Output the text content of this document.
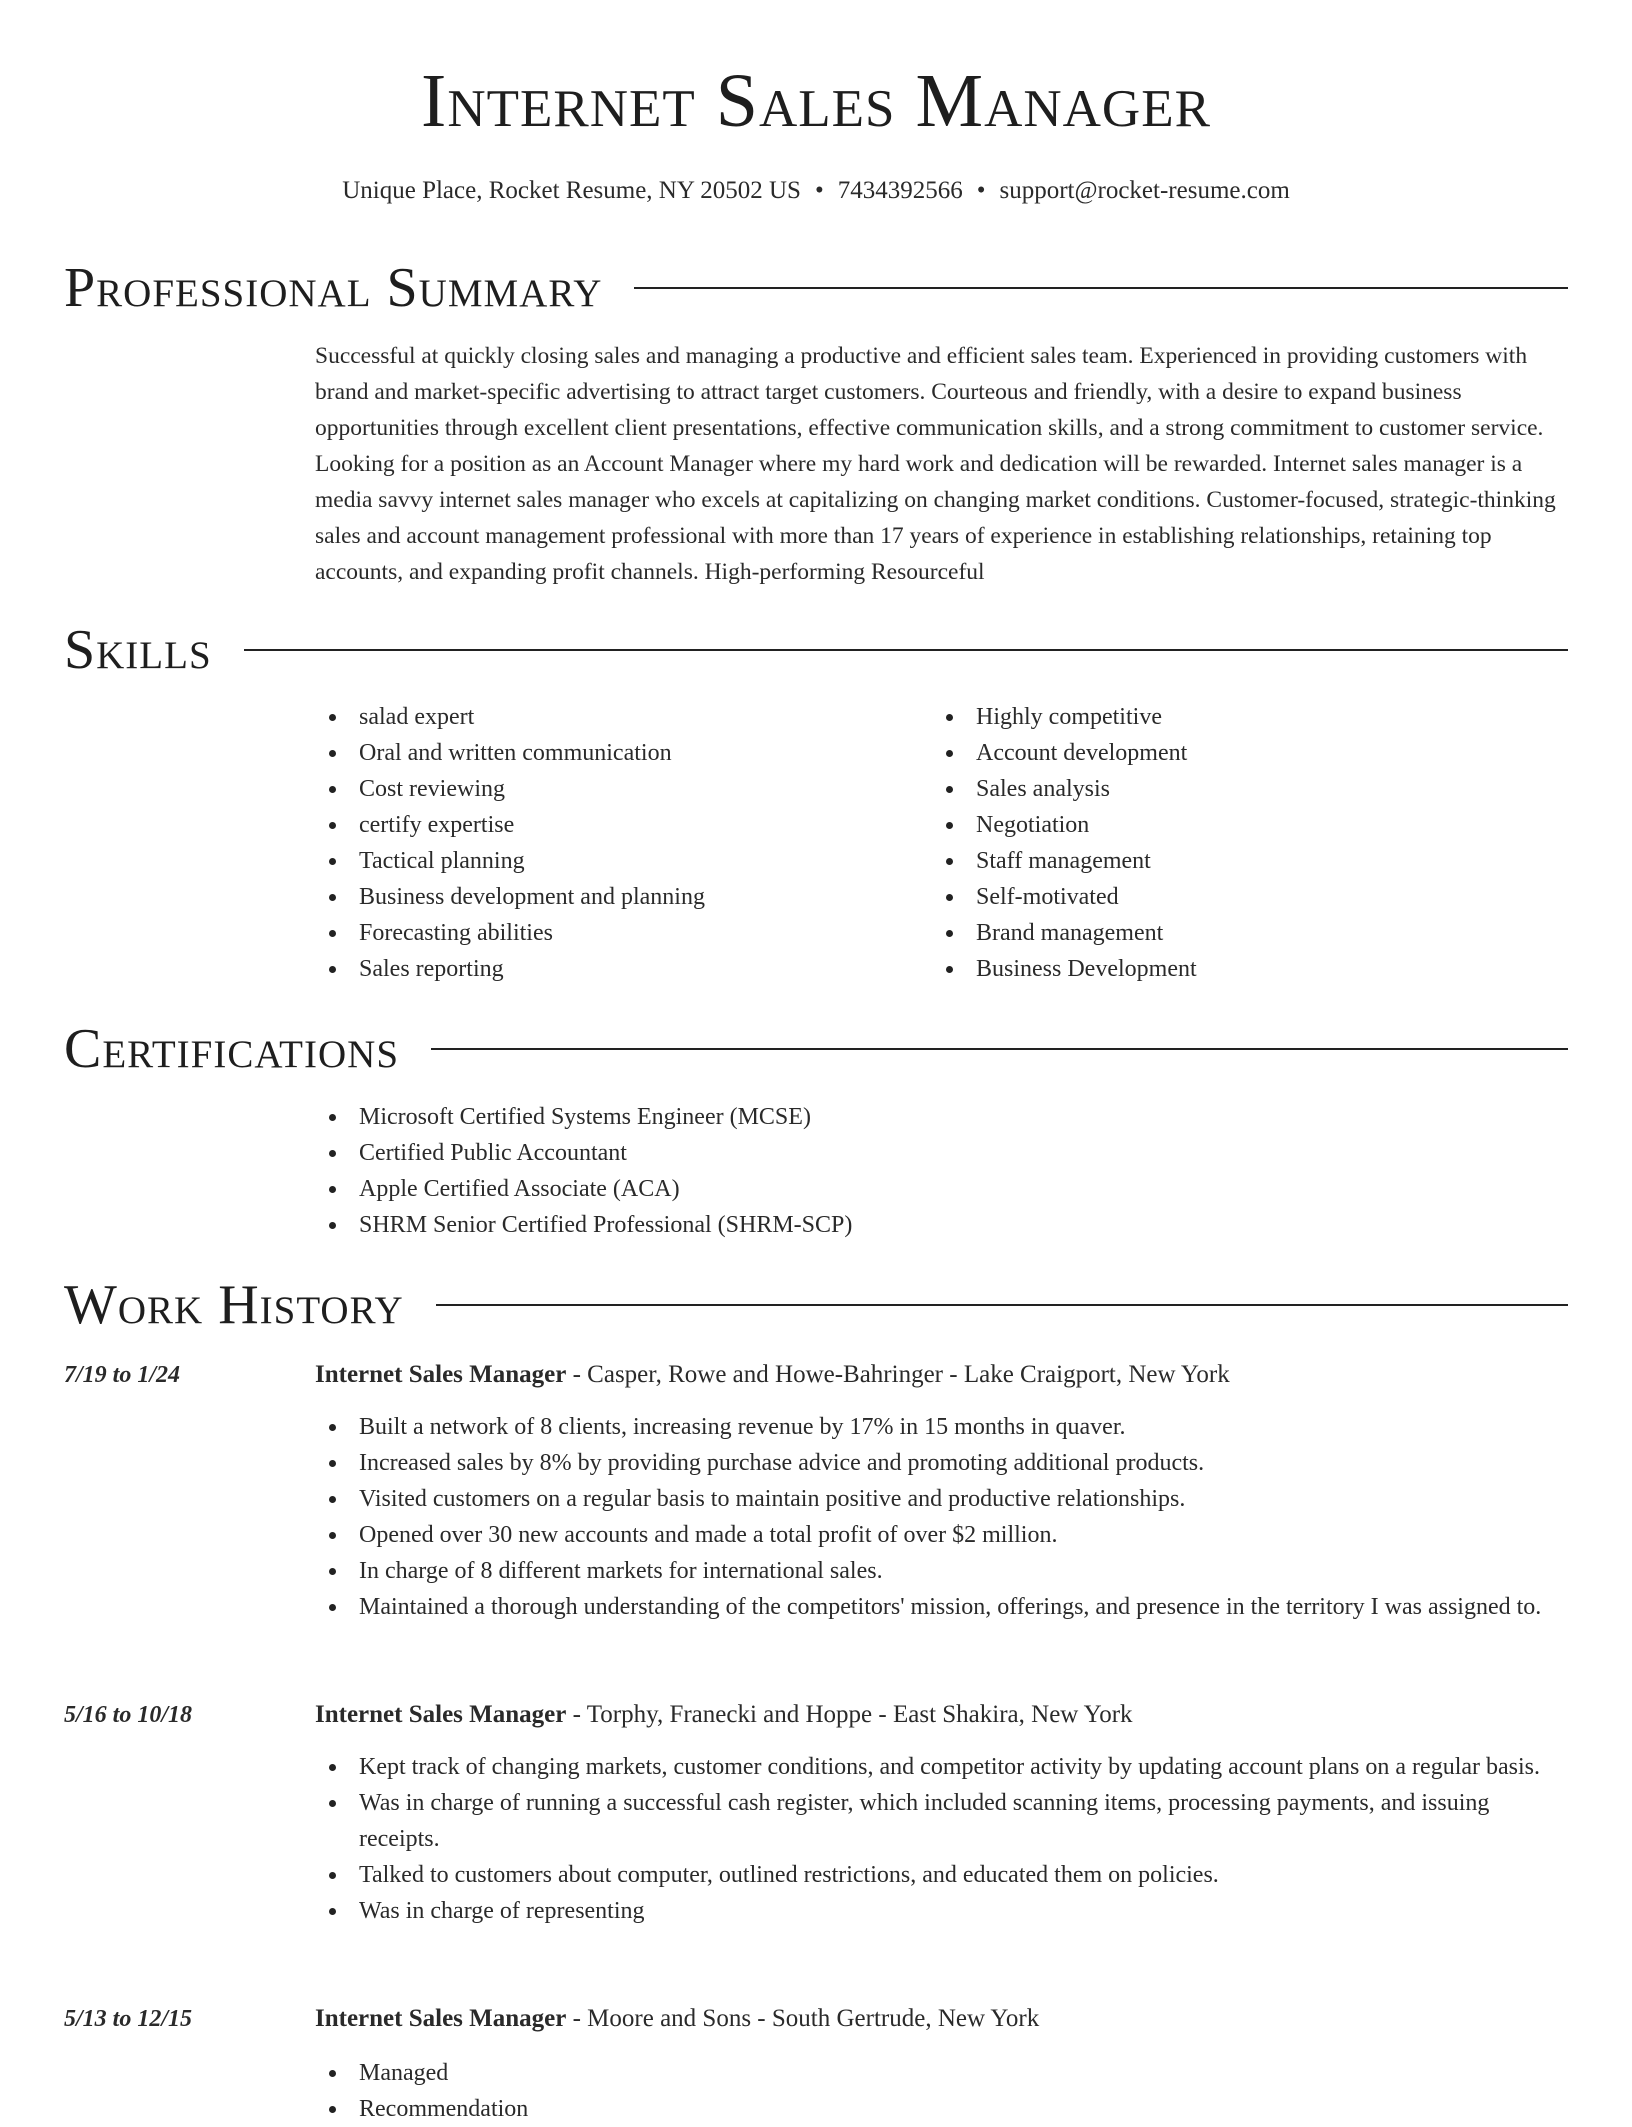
Internet Sales Manager
Unique Place, Rocket Resume, NY 20502 US • 7434392566 • support@rocket-resume.com
Professional Summary

Successful at quickly closing sales and managing a productive and efficient sales team. Experienced in providing customers with brand and market-specific advertising to attract target customers. Courteous and friendly, with a desire to expand business opportunities through excellent client presentations, effective communication skills, and a strong commitment to customer service. Looking for a position as an Account Manager where my hard work and dedication will be rewarded. Internet sales manager is a media savvy internet sales manager who excels at capitalizing on changing market conditions. Customer-focused, strategic-thinking sales and account management professional with more than 17 years of experience in establishing relationships, retaining top accounts, and expanding profit channels. High-performing Resourceful

Skills
salad expert
Oral and written communication
Cost reviewing
certify expertise
Tactical planning
Business development and planning
Forecasting abilities
Sales reporting
Highly competitive
Account development
Sales analysis
Negotiation
Staff management
Self-motivated
Brand management
Business Development
Certifications
Microsoft Certified Systems Engineer (MCSE)
Certified Public Accountant
Apple Certified Associate (ACA)
SHRM Senior Certified Professional (SHRM-SCP)
Work History
7/19 to 1/24	Internet Sales Manager - Casper, Rowe and Howe-Bahringer - Lake Craigport, New York
Built a network of 8 clients, increasing revenue by 17% in 15 months in quaver.
Increased sales by 8% by providing purchase advice and promoting additional products.
Visited customers on a regular basis to maintain positive and productive relationships.
Opened over 30 new accounts and made a total profit of over $2 million.
In charge of 8 different markets for international sales.
Maintained a thorough understanding of the competitors' mission, offerings, and presence in the territory I was assigned to.
5/16 to 10/18	Internet Sales Manager - Torphy, Franecki and Hoppe - East Shakira, New York
Kept track of changing markets, customer conditions, and competitor activity by updating account plans on a regular basis.
Was in charge of running a successful cash register, which included scanning items, processing payments, and issuing receipts.
Talked to customers about computer, outlined restrictions, and educated them on policies.
Was in charge of representing
5/13 to 12/15	Internet Sales Manager - Moore and Sons - South Gertrude, New York
Managed
Recommendation
